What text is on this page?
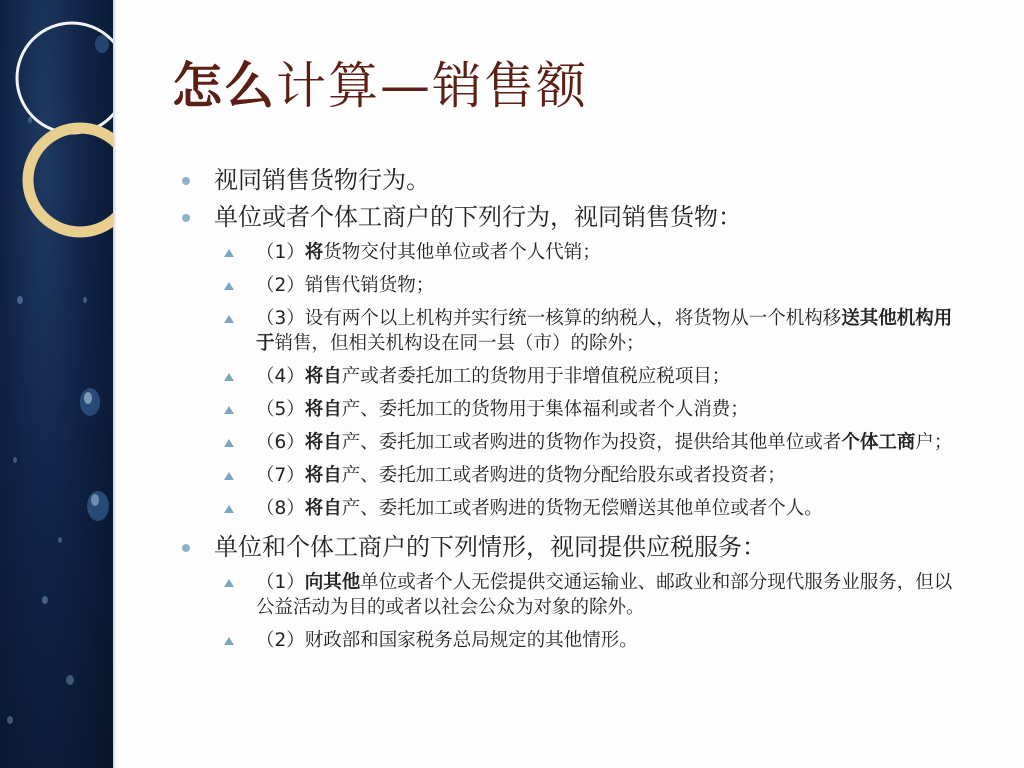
怎么计算—销售额
视同销售货物行为。
单位或者个体工商户的下列行为，视同销售货物：
（1）将货物交付其他单位或者个人代销；
（2）销售代销货物；
（3）设有两个以上机构并实行统一核算的纳税人，将货物从一个机构移送其他机构用于销售，但相关机构设在同一县（市）的除外；
（4）将自产或者委托加工的货物用于非增值税应税项目；
（5）将自产、委托加工的货物用于集体福利或者个人消费；
（6）将自产、委托加工或者购进的货物作为投资，提供给其他单位或者个体工商户；
（7）将自产、委托加工或者购进的货物分配给股东或者投资者；
（8）将自产、委托加工或者购进的货物无偿赠送其他单位或者个人。
单位和个体工商户的下列情形，视同提供应税服务：
（1）向其他单位或者个人无偿提供交通运输业、邮政业和部分现代服务业服务，但以公益活动为目的或者以社会公众为对象的除外。
（2）财政部和国家税务总局规定的其他情形。
